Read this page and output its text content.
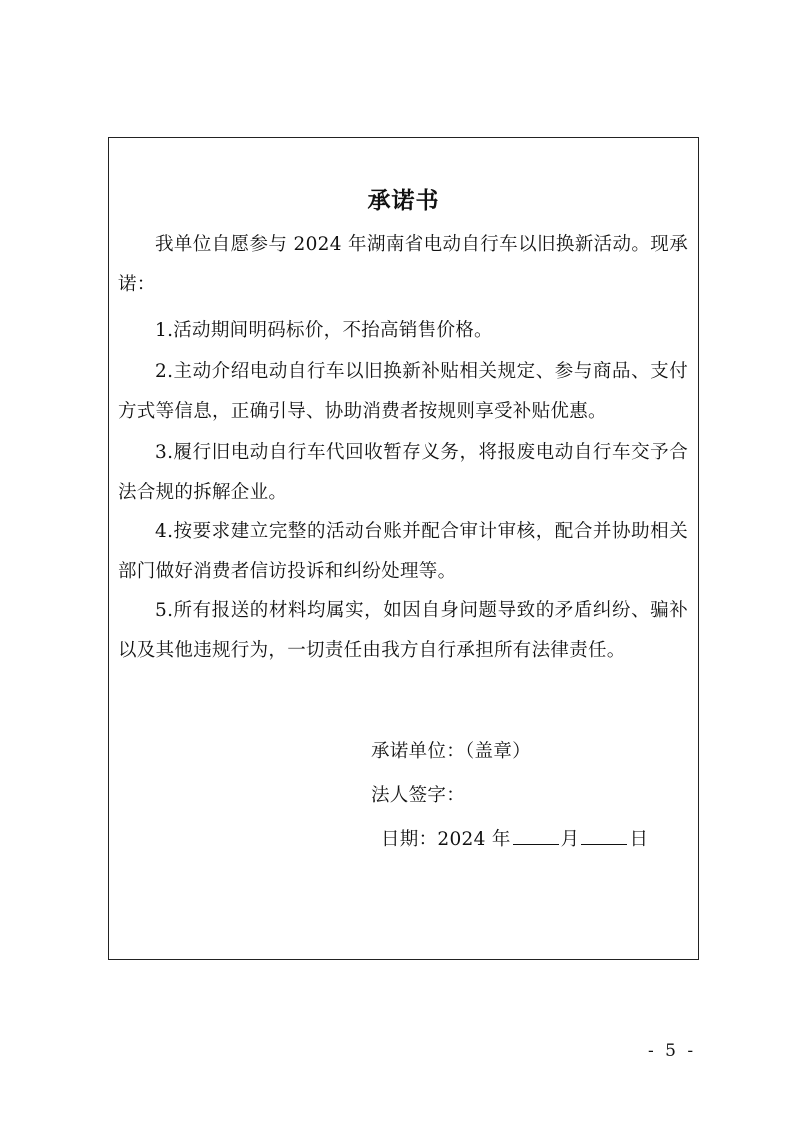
承诺书
我单位自愿参与 2024 年湖南省电动自行车以旧换新活动。现承诺：
1.活动期间明码标价，不抬高销售价格。
2.主动介绍电动自行车以旧换新补贴相关规定、参与商品、支付方式等信息，正确引导、协助消费者按规则享受补贴优惠。
3.履行旧电动自行车代回收暂存义务，将报废电动自行车交予合法合规的拆解企业。
4.按要求建立完整的活动台账并配合审计审核，配合并协助相关部门做好消费者信访投诉和纠纷处理等。
5.所有报送的材料均属实，如因自身问题导致的矛盾纠纷、骗补以及其他违规行为，一切责任由我方自行承担所有法律责任。
承诺单位：（盖章）
法人签字：
日期：2024 年	月	日
- 5 -
